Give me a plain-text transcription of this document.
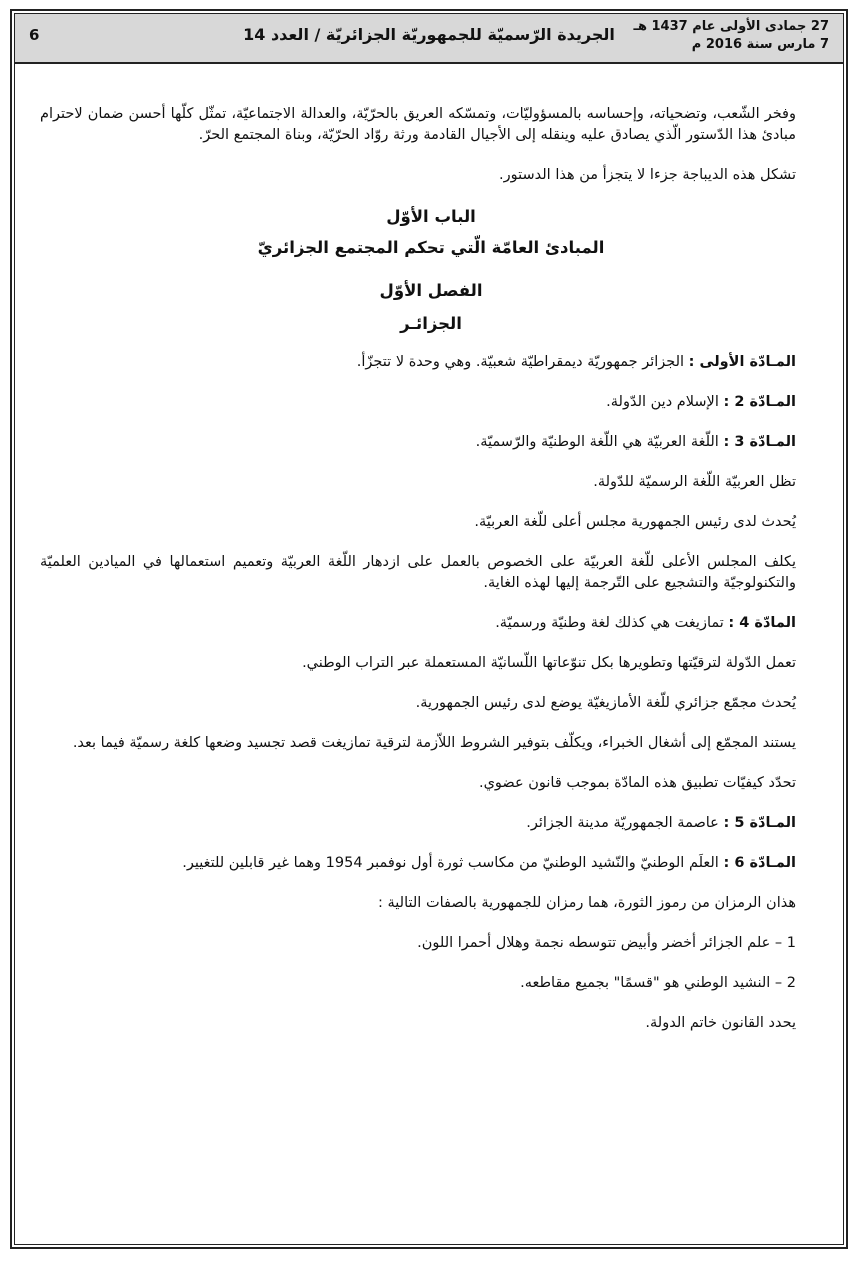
6	الجريدة الرّسميّة للجمهوريّة الجزائريّة / العدد 14	27 جمادى الأولى عام 1437 هـ
7 مارس سنة 2016 م

وفخر الشّعب، وتضحياته، وإحساسه بالمسؤوليّات، وتمسّكه العريق بالحرّيّة، والعدالة الاجتماعيّة، تمثّل كلّها أحسن ضمان لاحترام مبادئ هذا الدّستور الّذي يصادق عليه وينقله إلى الأجيال القادمة ورثة روّاد الحرّيّة، وبناة المجتمع الحرّ.

تشكل هذه الديباجة جزءا لا يتجزأ من هذا الدستور.

الباب الأوّل

المبادئ العامّة الّتي تحكم المجتمع الجزائريّ

الفصل الأوّل

الجزائـر

المـادّة الأولى : الجزائر جمهوريّة ديمقراطيّة شعبيّة. وهي وحدة لا تتجزّأ.

المـادّة 2 : الإسلام دين الدّولة.

المـادّة 3 : اللّغة العربيّة هي اللّغة الوطنيّة والرّسميّة.

تظل العربيّة اللّغة الرسميّة للدّولة.

يُحدث لدى رئيس الجمهورية مجلس أعلى للّغة العربيّة.

يكلف المجلس الأعلى للّغة العربيّة على الخصوص بالعمل على ازدهار اللّغة العربيّة وتعميم استعمالها في الميادين العلميّة والتكنولوجيّة والتشجيع على التّرجمة إليها لهذه الغاية.

المادّة 4 : تمازيغت هي كذلك لغة وطنيّة ورسميّة.

تعمل الدّولة لترقيّتها وتطويرها بكل تنوّعاتها اللّسانيّة المستعملة عبر التراب الوطني.

يُحدث مجمّع جزائري للّغة الأمازيغيّة يوضع لدى رئيس الجمهورية.

يستند المجمّع إلى أشغال الخبراء، ويكلّف بتوفير الشروط اللاّزمة لترقية تمازيغت قصد تجسيد وضعها كلغة رسميّة فيما بعد.

تحدّد كيفيّات تطبيق هذه المادّة بموجب قانون عضوي.

المـادّة 5 : عاصمة الجمهوريّة مدينة الجزائر.

المـادّة 6 : العلَم الوطنيّ والنّشيد الوطنيّ من مكاسب ثورة أول نوفمبر 1954 وهما غير قابلين للتغيير.

هذان الرمزان من رموز الثورة، هما رمزان للجمهورية بالصفات التالية :

1 – علم الجزائر أخضر وأبيض تتوسطه نجمة وهلال أحمرا اللون.

2 – النشيد الوطني هو "قسمًا" بجميع مقاطعه.

يحدد القانون خاتم الدولة.
